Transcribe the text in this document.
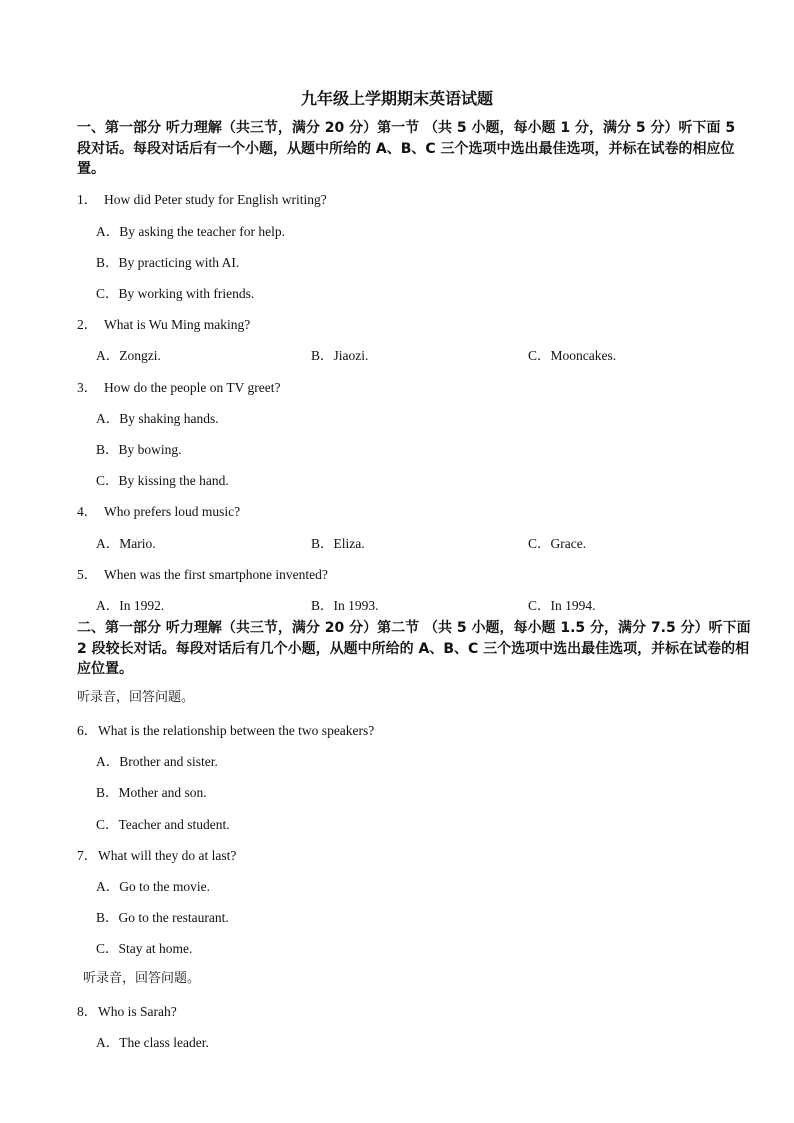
九年级上学期期末英语试题
一、第一部分 听力理解（共三节，满分 20 分）第一节 （共 5 小题，每小题 1 分，满分 5 分）听下面 5 段对话。每段对话后有一个小题，从题中所给的 A、B、C 三个选项中选出最佳选项，并标在试卷的相应位置。
1． How did Peter study for English writing?
A．By asking the teacher for help.
B．By practicing with AI.
C．By working with friends.
2． What is Wu Ming making?
A．Zongzi.	B．Jiaozi.	C．Mooncakes.
3． How do the people on TV greet?
A．By shaking hands.
B．By bowing.
C．By kissing the hand.
4． Who prefers loud music?
A．Mario.	B．Eliza.	C．Grace.
5． When was the first smartphone invented?
A．In 1992.	B．In 1993.	C．In 1994.
二、第一部分 听力理解（共三节，满分 20 分）第二节 （共 5 小题，每小题 1.5 分，满分 7.5 分）听下面 2 段较长对话。每段对话后有几个小题，从题中所给的 A、B、C 三个选项中选出最佳选项，并标在试卷的相应位置。
听录音，回答问题。
6．What is the relationship between the two speakers?
A．Brother and sister.
B．Mother and son.
C．Teacher and student.
7．What will they do at last?
A．Go to the movie.
B．Go to the restaurant.
C．Stay at home.
听录音，回答问题。
8．Who is Sarah?
A．The class leader.
